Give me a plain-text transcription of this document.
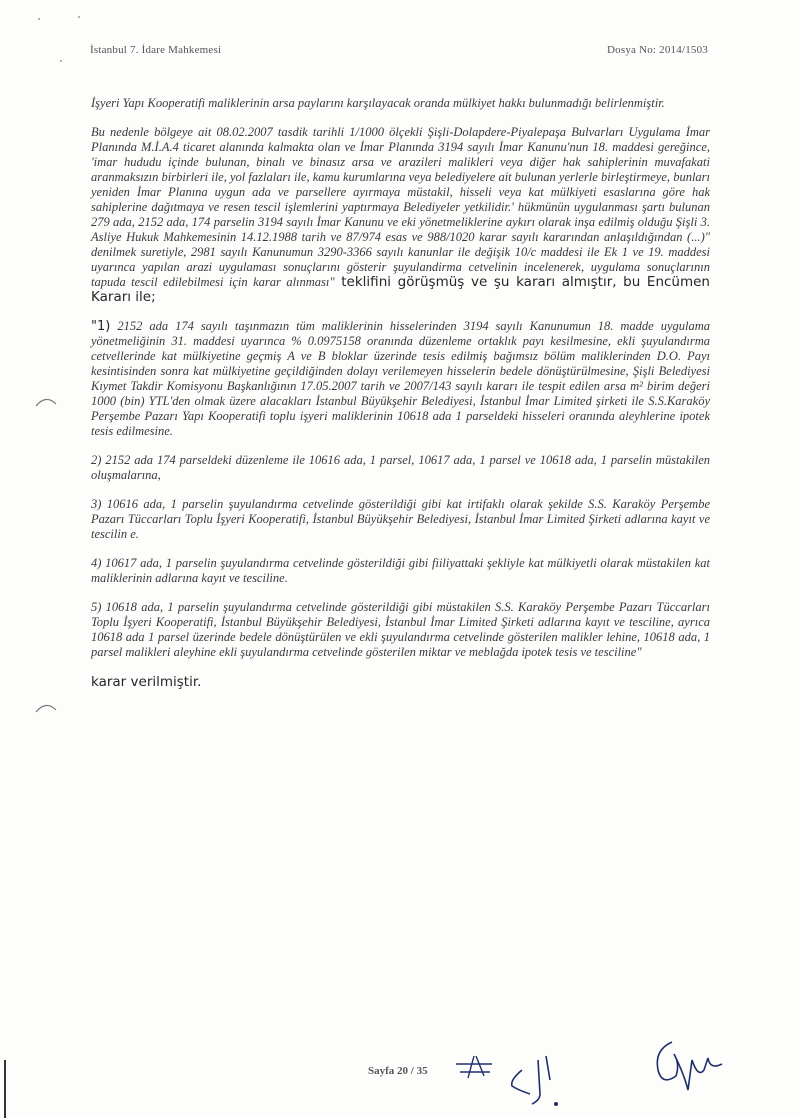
İstanbul 7. İdare Mahkemesi	Dosya No: 2014/1503

İşyeri Yapı Kooperatifi maliklerinin arsa paylarını karşılayacak oranda mülkiyet hakkı bulunmadığı belirlenmiştir.

Bu nedenle bölgeye ait 08.02.2007 tasdik tarihli 1/1000 ölçekli Şişli-Dolapdere-Piyalepaşa Bulvarları Uygulama İmar Planında M.İ.A.4 ticaret alanında kalmakta olan ve İmar Planında 3194 sayılı İmar Kanunu'nun 18. maddesi gereğince, 'imar hududu içinde bulunan, binalı ve binasız arsa ve arazileri malikleri veya diğer hak sahiplerinin muvafakati aranmaksızın birbirleri ile, yol fazlaları ile, kamu kurumlarına veya belediyelere ait bulunan yerlerle birleştirmeye, bunları yeniden İmar Planına uygun ada ve parsellere ayırmaya müstakil, hisseli veya kat mülkiyeti esaslarına göre hak sahiplerine dağıtmaya ve resen tescil işlemlerini yaptırmaya Belediyeler yetkilidir.' hükmünün uygulanması şartı bulunan 279 ada, 2152 ada, 174 parselin 3194 sayılı İmar Kanunu ve eki yönetmeliklerine aykırı olarak inşa edilmiş olduğu Şişli 3. Asliye Hukuk Mahkemesinin 14.12.1988 tarih ve 87/974 esas ve 988/1020 karar sayılı kararından anlaşıldığından (...)" denilmek suretiyle, 2981 sayılı Kanunumun 3290-3366 sayılı kanunlar ile değişik 10/c maddesi ile Ek 1 ve 19. maddesi uyarınca yapılan arazi uygulaması sonuçlarını gösterir şuyulandirma cetvelinin incelenerek, uygulama sonuçlarının tapuda tescil edilebilmesi için karar alınması" teklifini görüşmüş ve şu kararı almıştır, bu Encümen Kararı ile;

"1) 2152 ada 174 sayılı taşınmazın tüm maliklerinin hisselerinden 3194 sayılı Kanunumun 18. madde uygulama yönetmeliğinin 31. maddesi uyarınca % 0.0975158 oranında düzenleme ortaklık payı kesilmesine, ekli şuyulandırma cetvellerinde kat mülkiyetine geçmiş A ve B bloklar üzerinde tesis edilmiş bağımsız bölüm maliklerinden D.O. Payı kesintisinden sonra kat mülkiyetine geçildiğinden dolayı verilemeyen hisselerin bedele dönüştürülmesine, Şişli Belediyesi Kıymet Takdir Komisyonu Başkanlığının 17.05.2007 tarih ve 2007/143 sayılı kararı ile tespit edilen arsa m² birim değeri 1000 (bin) YTL'den olmak üzere alacakları İstanbul Büyükşehir Belediyesi, İstanbul İmar Limited şirketi ile S.S.Karaköy Perşembe Pazarı Yapı Kooperatifi toplu işyeri maliklerinin 10618 ada 1 parseldeki hisseleri oranında aleyhlerine ipotek tesis edilmesine.

2) 2152 ada 174 parseldeki düzenleme ile 10616 ada, 1 parsel, 10617 ada, 1 parsel ve 10618 ada, 1 parselin müstakilen oluşmalarına,

3) 10616 ada, 1 parselin şuyulandırma cetvelinde gösterildiği gibi kat irtifaklı olarak şekilde S.S. Karaköy Perşembe Pazarı Tüccarları Toplu İşyeri Kooperatifi, İstanbul Büyükşehir Belediyesi, İstanbul İmar Limited Şirketi adlarına kayıt ve tescilin e.

4) 10617 ada, 1 parselin şuyulandırma cetvelinde gösterildiği gibi fiiliyattaki şekliyle kat mülkiyetli olarak müstakilen kat maliklerinin adlarına kayıt ve tesciline.

5) 10618 ada, 1 parselin şuyulandırma cetvelinde gösterildiği gibi müstakilen S.S. Karaköy Perşembe Pazarı Tüccarları Toplu İşyeri Kooperatifi, İstanbul Büyükşehir Belediyesi, İstanbul İmar Limited Şirketi adlarına kayıt ve tesciline, ayrıca 10618 ada 1 parsel üzerinde bedele dönüştürülen ve ekli şuyulandırma cetvelinde gösterilen malikler lehine, 10618 ada, 1 parsel malikleri aleyhine ekli şuyulandırma cetvelinde gösterilen miktar ve meblağda ipotek tesis ve tesciline"

karar verilmiştir.

Sayfa 20 / 35
